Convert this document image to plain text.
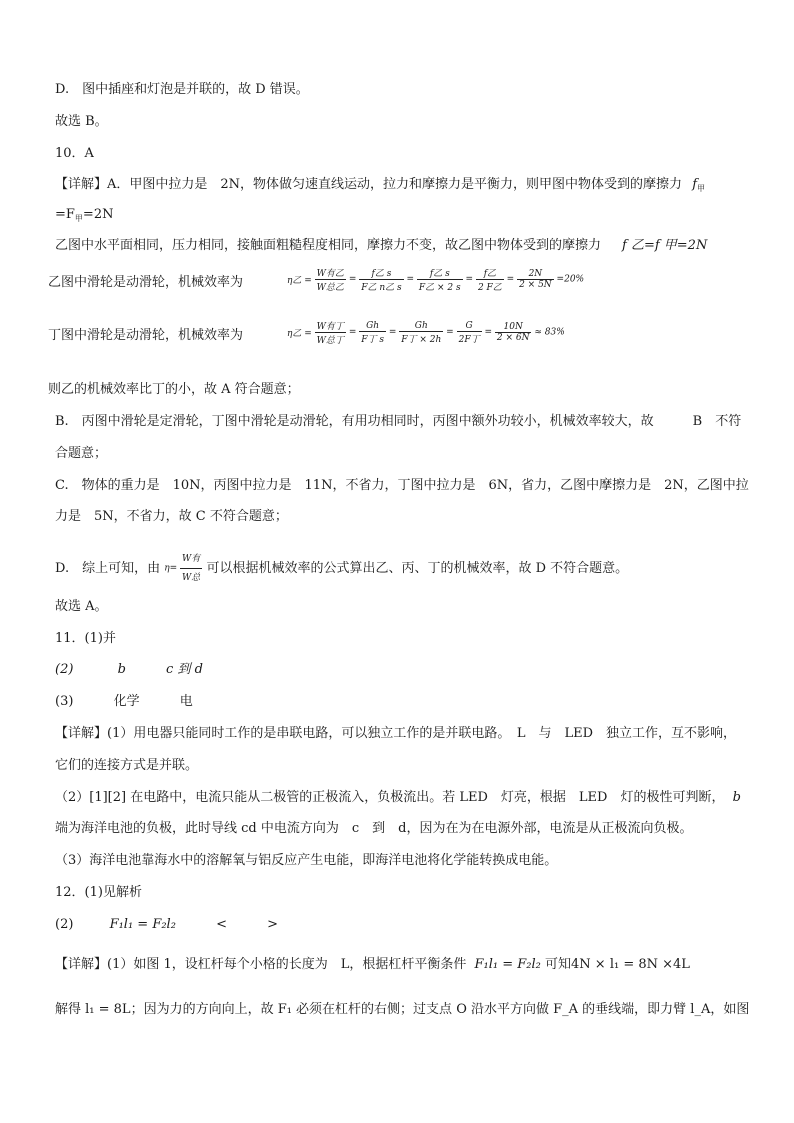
D.　图中插座和灯泡是并联的，故 D 错误。
故选 B。
10．A
【详解】A．甲图中拉力是　2N，物体做匀速直线运动，拉力和摩擦力是平衡力，则甲图中物体受到的摩擦力 $f_甲$
$=F_甲=2N$
乙图中水平面相同，压力相同，接触面粗糙程度相同，摩擦力不变，故乙图中物体受到的摩擦力 f 乙=f 甲=2N
乙图中滑轮是动滑轮，机械效率为	η乙 = $\frac{\text{W有乙}}{\text{W总乙}} = \frac{\text{f乙 s}}{\text{F乙 n乙 s}} = \frac{\text{f乙 s}}{\text{F乙 × 2 s}} = \frac{\text{f乙}}{\text{2 F乙}} = \frac{2N}{2 \times 5N} =20\%$
丁图中滑轮是动滑轮，机械效率为	η乙 = $\frac{\text{W有丁}}{\text{W总丁}} = \frac{Gh}{\text{F丁 s}} = \frac{Gh}{\text{F丁 × 2h}} = \frac{G}{\text{2F丁}} = \frac{10N}{2 \times 6N} \approx 83\%$
则乙的机械效率比丁的小，故 A 符合题意；
B.　丙图中滑轮是定滑轮，丁图中滑轮是动滑轮，有用功相同时，丙图中额外功较小，机械效率较大，故　　　B　不符
合题意；
C.　物体的重力是　10N，丙图中拉力是　11N，不省力，丁图中拉力是　6N，省力，乙图中摩擦力是　2N，乙图中拉
力是　5N，不省力，故 C 不符合题意；
D.　综上可知，由 $\eta= \frac{\text{W有}}{\text{W总}}$ 可以根据机械效率的公式算出乙、丙、丁的机械效率，故 D 不符合题意。
故选 A。
11．(1)并
(2)	b	c 到 d
(3)	化学	电
【详解】(1）用电器只能同时工作的是串联电路，可以独立工作的是并联电路。　L　与　LED　独立工作，互不影响，
它们的连接方式是并联。
（2）[1][2] 在电路中，电流只能从二极管的正极流入，负极流出。若 LED　灯亮，根据　LED　灯的极性可判断， b
端为海洋电池的负极，此时导线 cd 中电流方向为　c　到　d，因为在为在电源外部，电流是从正极流向负极。
（3）海洋电池靠海水中的溶解氧与铝反应产生电能，即海洋电池将化学能转换成电能。
12．(1)见解析
(2)	F₁l₁ = F₂l₂	<	>
【详解】(1）如图 1，设杠杆每个小格的长度为　L，根据杠杆平衡条件 F₁l₁ = F₂l₂ 可知4N × l₁ = 8N ×4L
解得 l₁ = 8L；因为力的方向向上，故 F₁ 必须在杠杆的右侧；过支点 O 沿水平方向做 F_A 的垂线端，即力臂 l_A，如图
